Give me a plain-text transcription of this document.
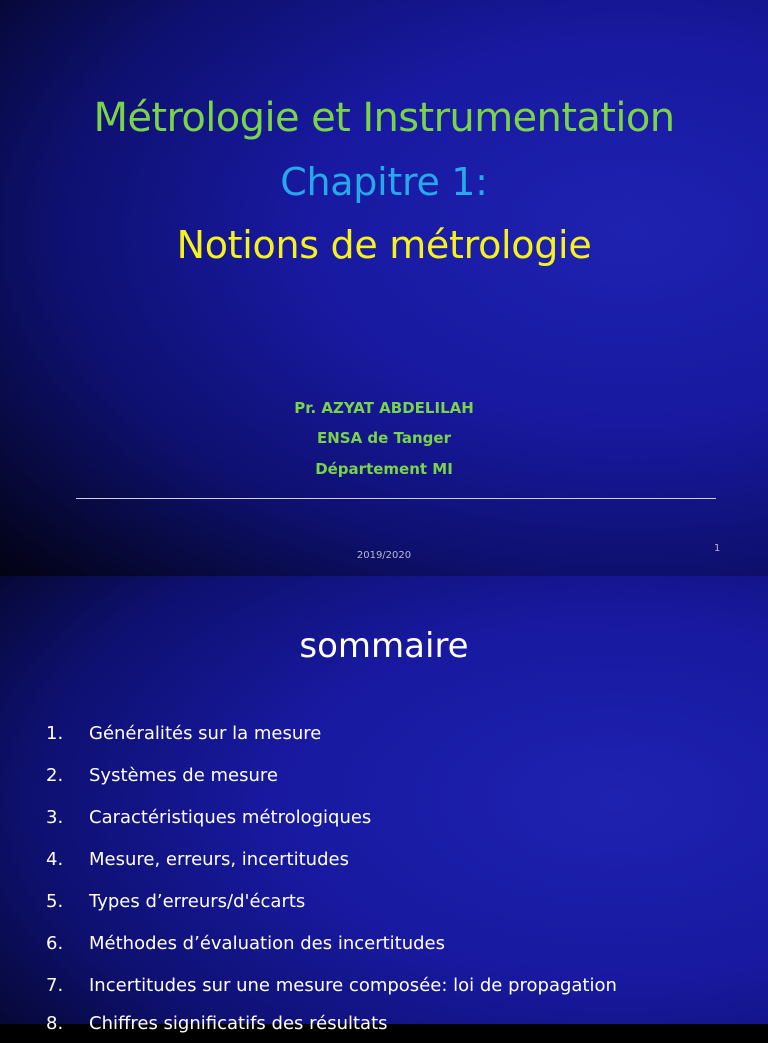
Métrologie et Instrumentation
Chapitre 1:
Notions de métrologie
Pr. AZYAT ABDELILAH
ENSA de Tanger
Département MI
2019/2020
1
sommaire
1. Généralités sur la mesure
2. Systèmes de mesure
3. Caractéristiques métrologiques
4. Mesure, erreurs, incertitudes
5. Types d’erreurs/d'écarts
6. Méthodes d’évaluation des incertitudes
7. Incertitudes sur une mesure composée: loi de propagation
8. Chiffres significatifs des résultats
